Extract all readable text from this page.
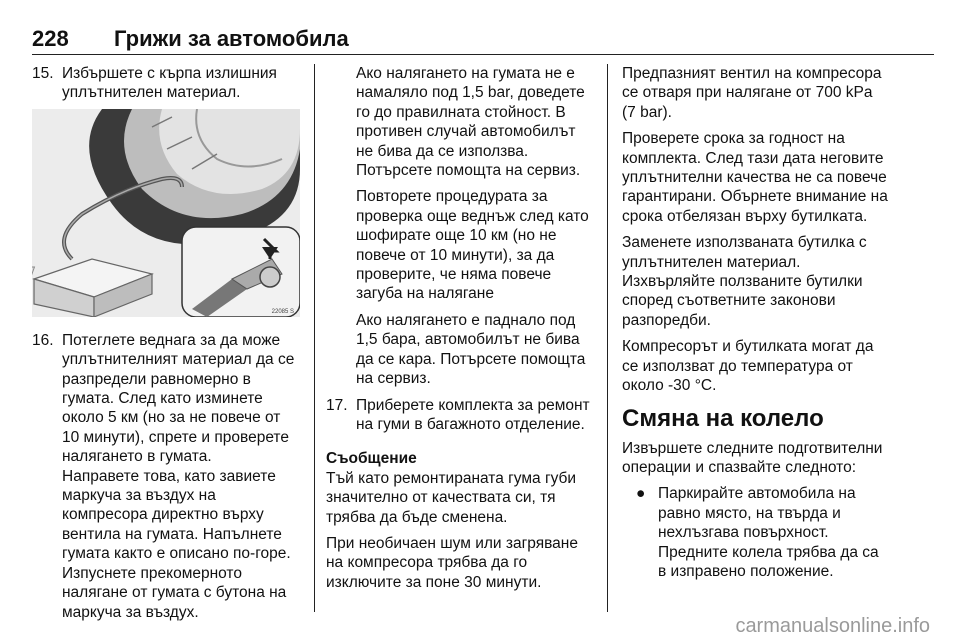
228 Грижи за автомобила
15. Избършете с кърпа излишния уплътнителен материал.
22085 S
16. Потеглете веднага за да може уплътнителният материал да се разпредели равномерно в гумата. След като изминете около 5 км (но за не повече от 10 минути), спрете и проверете налягането в гумата.
Направете това, като завиете маркуча за въздух на компресора директно върху вентила на гумата. Напълнете гумата както е описано по-горе. Изпуснете прекомерното налягане от гумата с бутона на маркуча за въздух.
Ако налягането на гумата не е намаляло под 1,5 bar, доведете го до правилната стойност. В противен случай автомобилът не бива да се използва. Потърсете помощта на сервиз.
Повторете процедурата за проверка още веднъж след като шофирате още 10 км (но не повече от 10 минути), за да проверите, че няма повече загуба на налягане
Ако налягането е паднало под 1,5 бара, автомобилът не бива да се кара. Потърсете помощта на сервиз.
17. Приберете комплекта за ремонт на гуми в багажното отделение.
Съобщение
Тъй като ремонтираната гума губи значително от качествата си, тя трябва да бъде сменена.
При необичаен шум или загряване на компресора трябва да го изключите за поне 30 минути.
Предпазният вентил на компресора се отваря при налягане от 700 kPa (7 bar).
Проверете срока за годност на комплекта. След тази дата неговите уплътнителни качества не са повече гарантирани. Обърнете внимание на срока отбелязан върху бутилката.
Заменете използваната бутилка с уплътнителен материал. Изхвърляйте ползваните бутилки според съответните законови разпоредби.
Компресорът и бутилката могат да се използват до температура от около -30 °C.
Смяна на колело
Извършете следните подготвителни операции и спазвайте следното:
● Паркирайте автомобила на равно място, на твърда и нехлъзгава повърхност. Предните колела трябва да са в изправено положение.
carmanualsonline.info
